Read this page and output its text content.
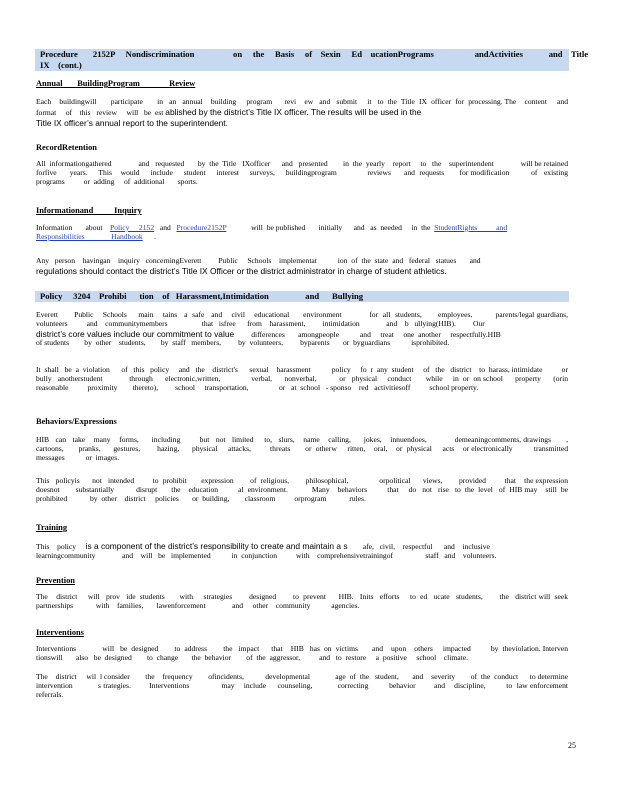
Procedure       2152P     Nondiscrimination                  on     the     Basis     of    Sexin     Ed    ucationPrograms                   andActivities            and    Title
IX    (cont.)
Annual       BuildingProgram              Review
Each    buildingwill       participate       in   an   annual    building     program      revi    ew   and   submit     it   to  the  Title  IX  officer  for  processing. The    content     and    format     of    this   review     will   be  est ablished by the district’s Title IX officer. The results will be used in the
Title IX officer’s annual report to the superintendent.
RecordRetention
All  informationgathered              and   requested       by  the  Title   IXofficer      and   presented        in  the  yearly    report     to   the    superintendent              will be retained      forfive      years.     This    would     include     student     interest     surveys,     buildingprogram              reviews      and  requests       for modification          of   existing      programs          or  adding     of  additional       sports.
Informationand          Inquiry
Information       about    Policy     2152   and   Procedure2152P             will  be published       initially      and   as  needed     in  the  StudentRights          and
Responsibilities              Handbook      .
Any   person    havingan    inquiry   concerningEverett         Public     Schools    implementat           ion  of  the  state  and   federal   statues       and
regulations should contact the district’s Title IX Officer or the district administrator in charge of student athletics.
Policy     3204    Prohibi      tion    of   Harassment,Intimidation                 and      Bullying
Everett       Public    Schools     main    tains   a  safe   and    civil    educational      environment            for  all  students,       employees,          parents/legal guardians,        volunteers          and    communitymembers                  that   isfree      from    harassment,         intimidation              and    b   ullying(HIB).         Our
district’s core values include our commitment to value         differences       amongpeople           and     treat     one  another     respectfully.HIB
of students        by  other    students,        by  staff   members,         by  volunteers,         byparents       or  byguardians           isprohibited.
It  shall   be  a  violation      of   this   policy     and   the    district's      sexual    harassment           policy     fo  r  any  student     of   the   district    to  harass, intimidate          or   bully   anotherstudent             through      electronic,written,               verbal,      nonverbal,           or   physical     conduct       while     in  or  on school      property      (orin    reasonable          proximity        thereto),         school     transportation,                or   at  school   - sponso    red   activitiesoff          school property.
Behaviors/Expressions
HIB   can   take    many    forms,      including         but   not   limited     to,   slurs,    name    calling,      jokes,    innuendoes,             demeaningcomments, drawings       , cartoons,       pranks,      gestures,        hazing,      physical     attacks,         threats       or  otherw     ritten,    oral,    or  physical     acts    or electronically          transmitted             messages           or  images.
This   policyis      not   intended         to  prohibit       expression        of  religious,        philosophical,               orpolitical      views,        provided         that    the expression         doesnot        substantially           disrupt       the    education          al  environment.            Many    behaviors          that     do   not   rise   to  the  level   of  HIB may    still  be  prohibited            by  other    district     policies       or  building,        classroom          orprogram            rules.
Training
This    policy     is a component of the district’s responsibility to create and maintain a s        afe,   civil,    respectful      and    inclusive
learningcommunity              and    will   be   implemented           in  conjunction          with    comprehensivetrainingof                 staff   and    volunteers.
Prevention
The    district     will   prov   ide  students       with     strategies        designed        to  prevent      HIB.   Inits   efforts     to  ed   ucate   students,        the   district will  seek   partnerships            with    families,       lawenforcement              and     other    community           agencies.
Interventions
Interventions             will   be  designed        to  address        the   impact      that    HIB   has  on  victims       and    upon    others     impacted          by  theviolation. Interven      tionswill       also   be  designed        to  change       the  behavior        of  the  aggressor,          and   to  restore     a  positive     school    climate.
The    district     wil  l consider        the    frequency        ofincidents,           developmental             age  of  the   student,       and    severity        of  the  conduct      to determine          intervention           s trategies.        Interventions              may    include     counseling,           correcting         behavior        and    discipline,         to  law enforcement            referrals.
25
